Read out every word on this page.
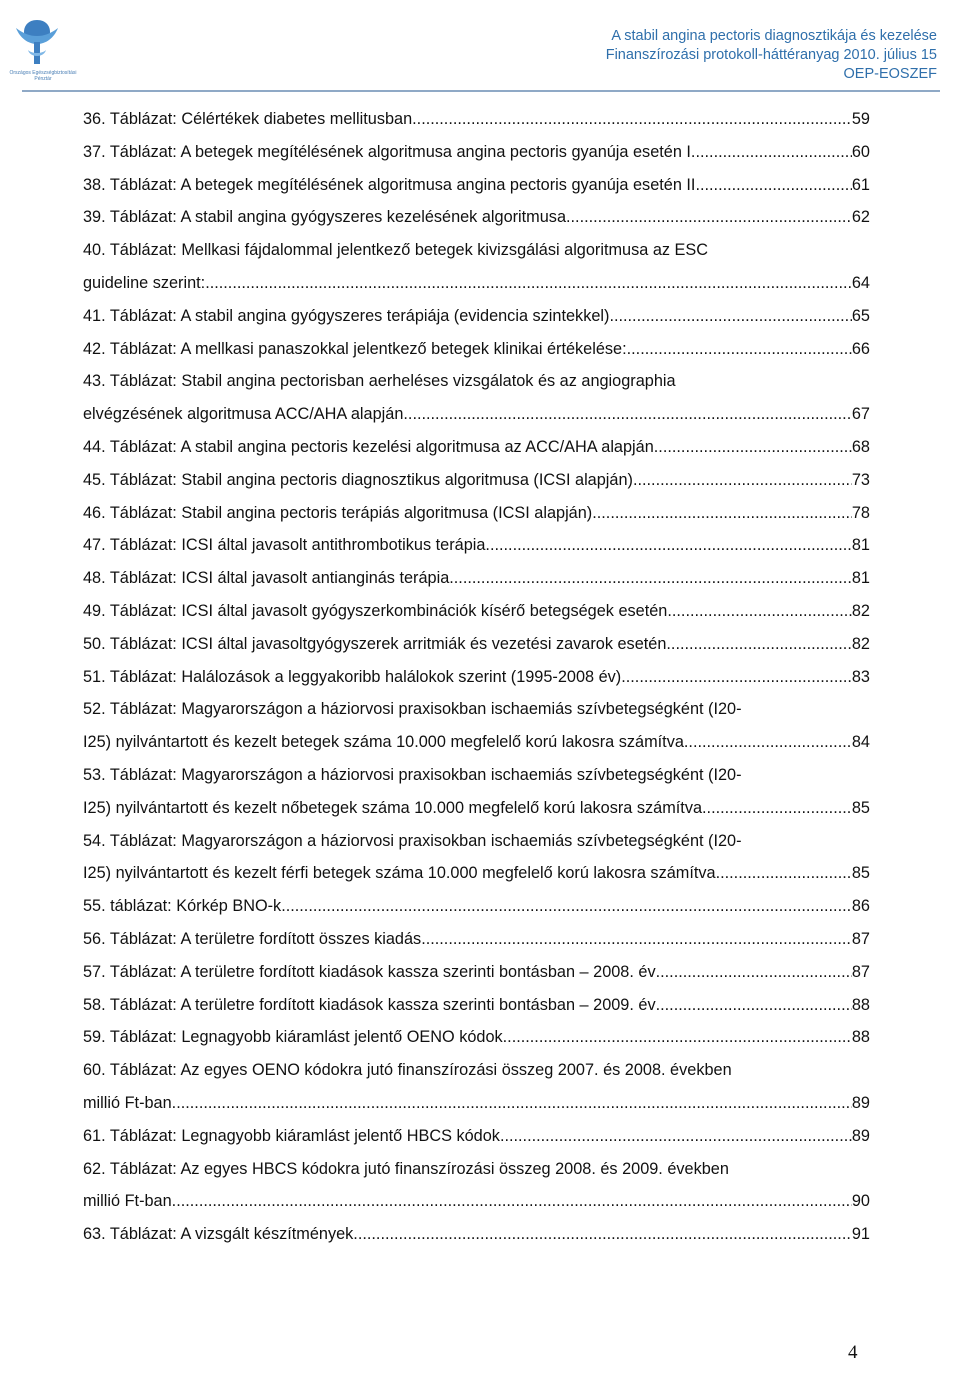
Országos Egészségbiztosítási Pénztár
A stabil angina pectoris diagnosztikája és kezelése
Finanszírozási protokoll-háttéranyag 2010. július 15
OEP-EOSZEF
36. Táblázat: Célértékek diabetes mellitusban .....	59
37. Táblázat: A betegek megítélésének algoritmusa angina pectoris gyanúja esetén I. .....	60
38. Táblázat: A betegek megítélésének algoritmusa angina pectoris gyanúja esetén II. .....	61
39. Táblázat: A stabil angina gyógyszeres kezelésének algoritmusa .....	62
40. Táblázat: Mellkasi fájdalommal jelentkező betegek kivizsgálási algoritmusa az ESC
guideline szerint: .....	64
41. Táblázat: A stabil angina gyógyszeres terápiája (evidencia szintekkel) .....	65
42. Táblázat: A mellkasi panaszokkal jelentkező betegek klinikai értékelése: .....	66
43. Táblázat: Stabil angina pectorisban aerheléses vizsgálatok és az angiographia
elvégzésének algoritmusa ACC/AHA alapján .....	67
44. Táblázat: A stabil angina pectoris kezelési algoritmusa az ACC/AHA alapján .....	68
45. Táblázat: Stabil angina pectoris diagnosztikus algoritmusa (ICSI alapján) .....	73
46. Táblázat: Stabil angina pectoris terápiás algoritmusa (ICSI alapján) .....	78
47. Táblázat: ICSI által javasolt antithrombotikus terápia .....	81
48. Táblázat: ICSI által javasolt antianginás terápia .....	81
49. Táblázat: ICSI által javasolt gyógyszerkombinációk kísérő betegségek esetén .....	82
50. Táblázat: ICSI által javasoltgyógyszerek arritmiák és vezetési zavarok esetén .....	82
51. Táblázat: Halálozások a leggyakoribb halálokok szerint (1995-2008 év) .....	83
52. Táblázat: Magyarországon a háziorvosi praxisokban ischaemiás szívbetegségként (I20-
I25) nyilvántartott és kezelt betegek száma 10.000 megfelelő korú lakosra számítva .....	84
53. Táblázat: Magyarországon a háziorvosi praxisokban ischaemiás szívbetegségként (I20-
I25) nyilvántartott és kezelt nőbetegek száma 10.000 megfelelő korú lakosra számítva .....	85
54. Táblázat: Magyarországon a háziorvosi praxisokban ischaemiás szívbetegségként (I20-
I25) nyilvántartott és kezelt férfi betegek száma 10.000 megfelelő korú lakosra számítva .....	85
55. táblázat: Kórkép BNO-k .....	86
56. Táblázat: A területre fordított összes kiadás .....	87
57. Táblázat: A területre fordított kiadások kassza szerinti bontásban – 2008. év .....	87
58. Táblázat: A területre fordított kiadások kassza szerinti bontásban – 2009. év .....	88
59. Táblázat: Legnagyobb kiáramlást jelentő OENO kódok .....	88
60. Táblázat: Az egyes OENO kódokra jutó finanszírozási összeg 2007. és 2008. években
millió Ft-ban .....	89
61. Táblázat: Legnagyobb kiáramlást jelentő HBCS kódok .....	89
62. Táblázat: Az egyes HBCS kódokra jutó finanszírozási összeg 2008. és 2009. években
millió Ft-ban .....	90
63. Táblázat: A vizsgált készítmények .....	91
4
